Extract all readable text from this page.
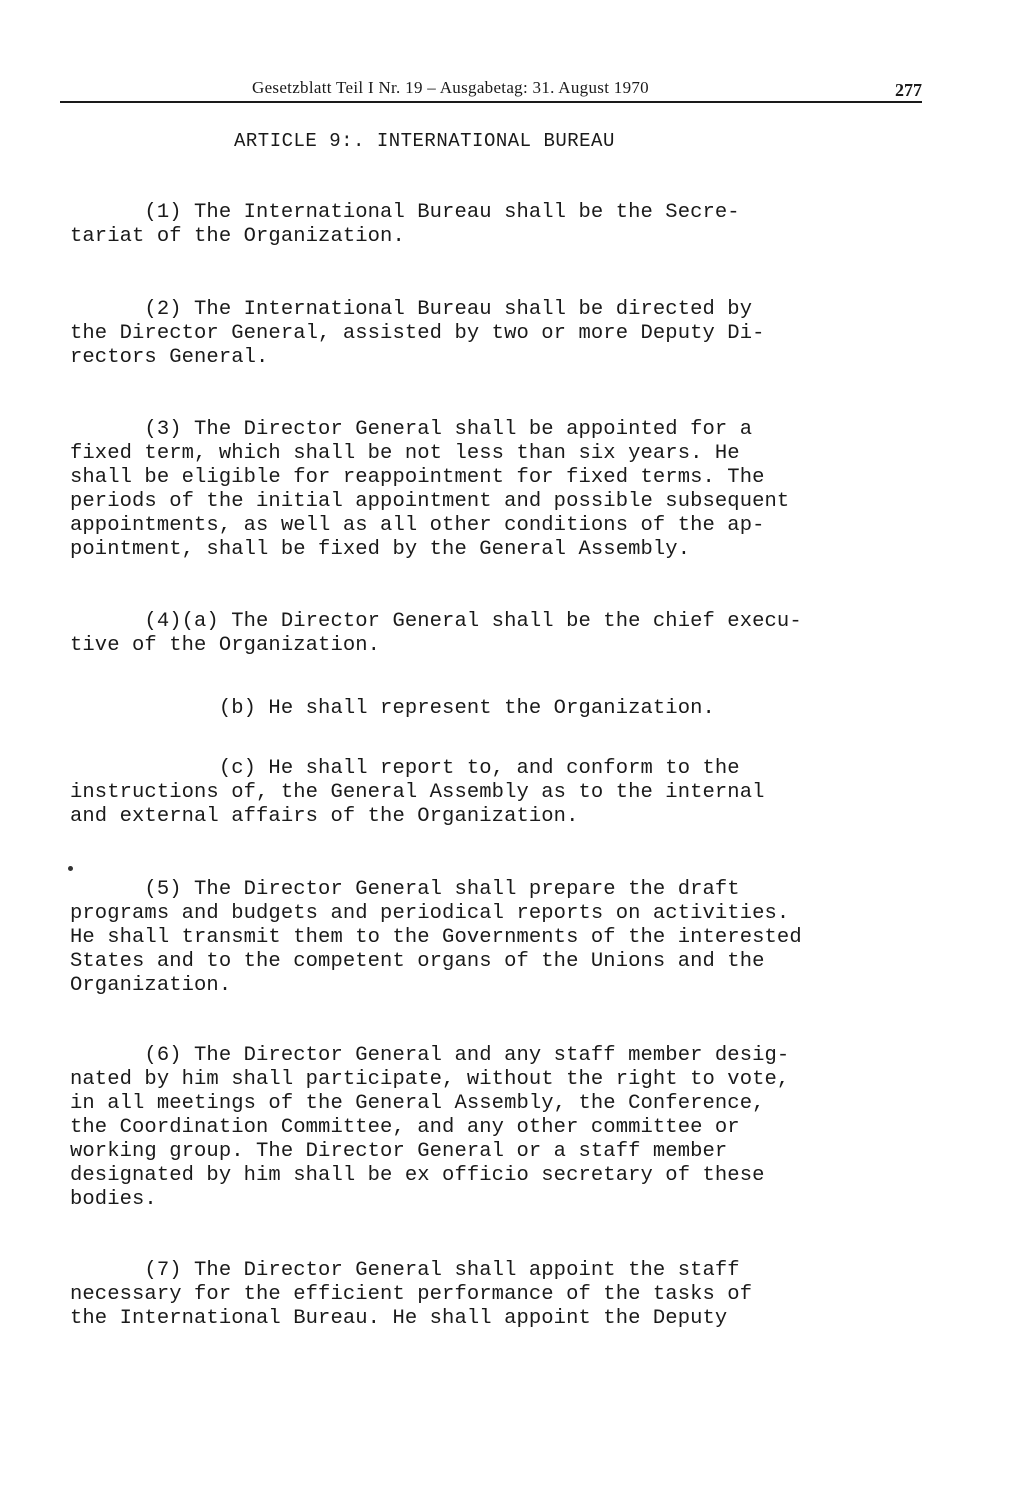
Gesetzblatt Teil I Nr. 19 – Ausgabetag: 31. August 1970	277
ARTICLE 9:. INTERNATIONAL BUREAU
(1) The International Bureau shall be the Secre-
tariat of the Organization.
(2) The International Bureau shall be directed by
the Director General, assisted by two or more Deputy Di-
rectors General.
(3) The Director General shall be appointed for a
fixed term, which shall be not less than six years. He
shall be eligible for reappointment for fixed terms. The
periods of the initial appointment and possible subsequent
appointments, as well as all other conditions of the ap-
pointment, shall be fixed by the General Assembly.
(4)(a) The Director General shall be the chief execu-
tive of the Organization.
(b) He shall represent the Organization.
(c) He shall report to, and conform to the
instructions of, the General Assembly as to the internal
and external affairs of the Organization.
(5) The Director General shall prepare the draft
programs and budgets and periodical reports on activities.
He shall transmit them to the Governments of the interested
States and to the competent organs of the Unions and the
Organization.
(6) The Director General and any staff member desig-
nated by him shall participate, without the right to vote,
in all meetings of the General Assembly, the Conference,
the Coordination Committee, and any other committee or
working group. The Director General or a staff member
designated by him shall be ex officio secretary of these
bodies.
(7) The Director General shall appoint the staff
necessary for the efficient performance of the tasks of
the International Bureau. He shall appoint the Deputy
